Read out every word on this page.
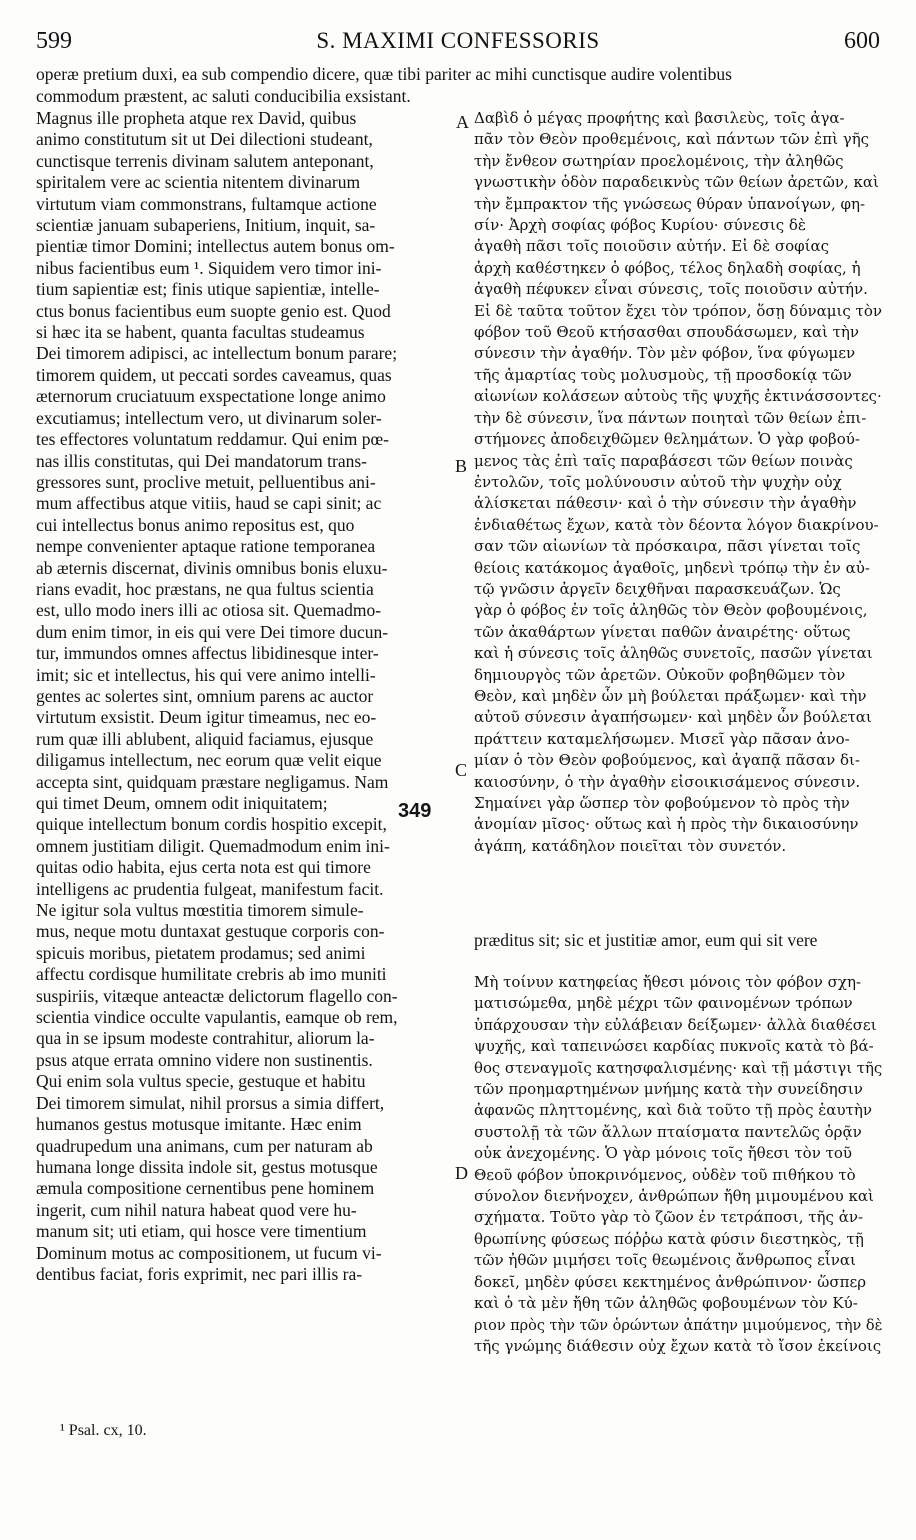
599	S. MAXIMI CONFESSORIS	600
operæ pretium duxi, ea sub compendio dicere, quæ tibi pariter ac mihi cunctisque audire volentibus
commodum præstent, ac saluti conducibilia exsistant.
Magnus ille propheta atque rex David, quibus
animo constitutum sit ut Dei dilectioni studeant,
cunctisque terrenis divinam salutem anteponant,
spiritalem vere ac scientia nitentem divinarum
virtutum viam commonstrans, fultamque actione
scientiæ januam subaperiens, Initium, inquit, sa-
pientiæ timor Domini; intellectus autem bonus om-
nibus facientibus eum ¹. Siquidem vero timor ini-
tium sapientiæ est; finis utique sapientiæ, intelle-
ctus bonus facientibus eum suopte genio est. Quod
si hæc ita se habent, quanta facultas studeamus
Dei timorem adipisci, ac intellectum bonum parare;
timorem quidem, ut peccati sordes caveamus, quas
æternorum cruciatuum exspectatione longe animo
excutiamus; intellectum vero, ut divinarum soler-
tes effectores voluntatum reddamur. Qui enim pœ-
nas illis constitutas, qui Dei mandatorum trans-
gressores sunt, proclive metuit, pelluentibus ani-
mum affectibus atque vitiis, haud se capi sinit; ac
cui intellectus bonus animo repositus est, quo
nempe convenienter aptaque ratione temporanea
ab æternis discernat, divinis omnibus bonis eluxu-
rians evadit, hoc præstans, ne qua fultus scientia
est, ullo modo iners illi ac otiosa sit. Quemadmo-
dum enim timor, in eis qui vere Dei timore ducun-
tur, immundos omnes affectus libidinesque inter-
imit; sic et intellectus, his qui vere animo intelli-
gentes ac solertes sint, omnium parens ac auctor
virtutum exsistit. Deum igitur timeamus, nec eo-
rum quæ illi ablubent, aliquid faciamus, ejusque
diligamus intellectum, nec eorum quæ velit eique
accepta sint, quidquam præstare negligamus. Nam
qui timet Deum, omnem odit iniquitatem;
quique intellectum bonum cordis hospitio excepit,
omnem justitiam diligit. Quemadmodum enim ini-
quitas odio habita, ejus certa nota est qui timore
intelligens ac prudentia fulgeat, manifestum facit.
Ne igitur sola vultus mœstitia timorem simule-
mus, neque motu duntaxat gestuque corporis con-
spicuis moribus, pietatem prodamus; sed animi
affectu cordisque humilitate crebris ab imo muniti
suspiriis, vitæque anteactæ delictorum flagello con-
scientia vindice occulte vapulantis, eamque ob rem,
qua in se ipsum modeste contrahitur, aliorum la-
psus atque errata omnino videre non sustinentis.
Qui enim sola vultus specie, gestuque et habitu
Dei timorem simulat, nihil prorsus a simia differt,
humanos gestus motusque imitante. Hæc enim
quadrupedum una animans, cum per naturam ab
humana longe dissita indole sit, gestus motusque
æmula compositione cernentibus pene hominem
ingerit, cum nihil natura habeat quod vere hu-
manum sit; uti etiam, qui hosce vere timentium
Dominum motus ac compositionem, ut fucum vi-
dentibus faciat, foris exprimit, nec pari illis ra-
Δαβὶδ ὁ μέγας προφήτης καὶ βασιλεὺς, τοῖς ἀγα-
πᾶν τὸν Θεὸν προθεμένοις, καὶ πάντων τῶν ἐπὶ γῆς
τὴν ἔνθεον σωτηρίαν προελομένοις, τὴν ἀληθῶς
γνωστικὴν ὁδὸν παραδεικνὺς τῶν θείων ἀρετῶν, καὶ
τὴν ἔμπρακτον τῆς γνώσεως θύραν ὑπανοίγων, φη-
σίν· Ἀρχὴ σοφίας φόβος Κυρίου· σύνεσις δὲ
ἀγαθὴ πᾶσι τοῖς ποιοῦσιν αὐτήν. Εἰ δὲ σοφίας
ἀρχὴ καθέστηκεν ὁ φόβος, τέλος δηλαδὴ σοφίας, ἡ
ἀγαθὴ πέφυκεν εἶναι σύνεσις, τοῖς ποιοῦσιν αὐτήν.
Εἰ δὲ ταῦτα τοῦτον ἔχει τὸν τρόπον, ὅσῃ δύναμις τὸν
φόβον τοῦ Θεοῦ κτήσασθαι σπουδάσωμεν, καὶ τὴν
σύνεσιν τὴν ἀγαθήν. Τὸν μὲν φόβον, ἵνα φύγωμεν
τῆς ἁμαρτίας τοὺς μολυσμοὺς, τῇ προσδοκίᾳ τῶν
αἰωνίων κολάσεων αὐτοὺς τῆς ψυχῆς ἐκτινάσσοντες·
τὴν δὲ σύνεσιν, ἵνα πάντων ποιηταὶ τῶν θείων ἐπι-
στήμονες ἀποδειχθῶμεν θελημάτων. Ὁ γὰρ φοβού-
μενος τὰς ἐπὶ ταῖς παραβάσεσι τῶν θείων ποινὰς
ἐντολῶν, τοῖς μολύνουσιν αὐτοῦ τὴν ψυχὴν οὐχ
ἁλίσκεται πάθεσιν· καὶ ὁ τὴν σύνεσιν τὴν ἀγαθὴν
ἐνδιαθέτως ἔχων, κατὰ τὸν δέοντα λόγον διακρίνου-
σαν τῶν αἰωνίων τὰ πρόσκαιρα, πᾶσι γίνεται τοῖς
θείοις κατάκομος ἀγαθοῖς, μηδενὶ τρόπῳ τὴν ἐν αὐ-
τῷ γνῶσιν ἀργεῖν δειχθῆναι παρασκευάζων. Ὡς
γὰρ ὁ φόβος ἐν τοῖς ἀληθῶς τὸν Θεὸν φοβουμένοις,
τῶν ἀκαθάρτων γίνεται παθῶν ἀναιρέτης· οὕτως
καὶ ἡ σύνεσις τοῖς ἀληθῶς συνετοῖς, πασῶν γίνεται
δημιουργὸς τῶν ἀρετῶν. Οὐκοῦν φοβηθῶμεν τὸν
Θεὸν, καὶ μηδὲν ὧν μὴ βούλεται πράξωμεν· καὶ τὴν
αὐτοῦ σύνεσιν ἀγαπήσωμεν· καὶ μηδὲν ὧν βούλεται
πράττειν καταμελήσωμεν. Μισεῖ γὰρ πᾶσαν ἀνο-
μίαν ὁ τὸν Θεὸν φοβούμενος, καὶ ἀγαπᾷ πᾶσαν δι-
καιοσύνην, ὁ τὴν ἀγαθὴν εἰσοικισάμενος σύνεσιν.
Σημαίνει γὰρ ὥσπερ τὸν φοβούμενον τὸ πρὸς τὴν
ἀνομίαν μῖσος· οὕτως καὶ ἡ πρὸς τὴν δικαιοσύνην
ἀγάπη, κατάδηλον ποιεῖται τὸν συνετόν.
præditus sit; sic et justitiæ amor, eum qui sit vere
Μὴ τοίνυν κατηφείας ἤθεσι μόνοις τὸν φόβον σχη-
ματισώμεθα, μηδὲ μέχρι τῶν φαινομένων τρόπων
ὑπάρχουσαν τὴν εὐλάβειαν δείξωμεν· ἀλλὰ διαθέσει
ψυχῆς, καὶ ταπεινώσει καρδίας πυκνοῖς κατὰ τὸ βά-
θος στεναγμοῖς κατησφαλισμένης· καὶ τῇ μάστιγι τῆς
τῶν προημαρτημένων μνήμης κατὰ τὴν συνείδησιν
ἀφανῶς πληττομένης, καὶ διὰ τοῦτο τῇ πρὸς ἑαυτὴν
συστολῇ τὰ τῶν ἄλλων πταίσματα παντελῶς ὁρᾷν
οὐκ ἀνεχομένης. Ὁ γὰρ μόνοις τοῖς ἤθεσι τὸν τοῦ
Θεοῦ φόβον ὑποκρινόμενος, οὐδὲν τοῦ πιθήκου τὸ
σύνολον διενήνοχεν, ἀνθρώπων ἤθη μιμουμένου καὶ
σχήματα. Τοῦτο γὰρ τὸ ζῶον ἐν τετράποσι, τῆς ἀν-
θρωπίνης φύσεως πόῤῥω κατὰ φύσιν διεστηκὸς, τῇ
τῶν ἠθῶν μιμήσει τοῖς θεωμένοις ἄνθρωπος εἶναι
δοκεῖ, μηδὲν φύσει κεκτημένος ἀνθρώπινον· ὥσπερ
καὶ ὁ τὰ μὲν ἤθη τῶν ἀληθῶς φοβουμένων τὸν Κύ-
ριον πρὸς τὴν τῶν ὁρώντων ἀπάτην μιμούμενος, τὴν δὲ
τῆς γνώμης διάθεσιν οὐχ ἔχων κατὰ τὸ ἴσον ἐκείνοις
A
B
C
D
349
¹ Psal. cx, 10.
